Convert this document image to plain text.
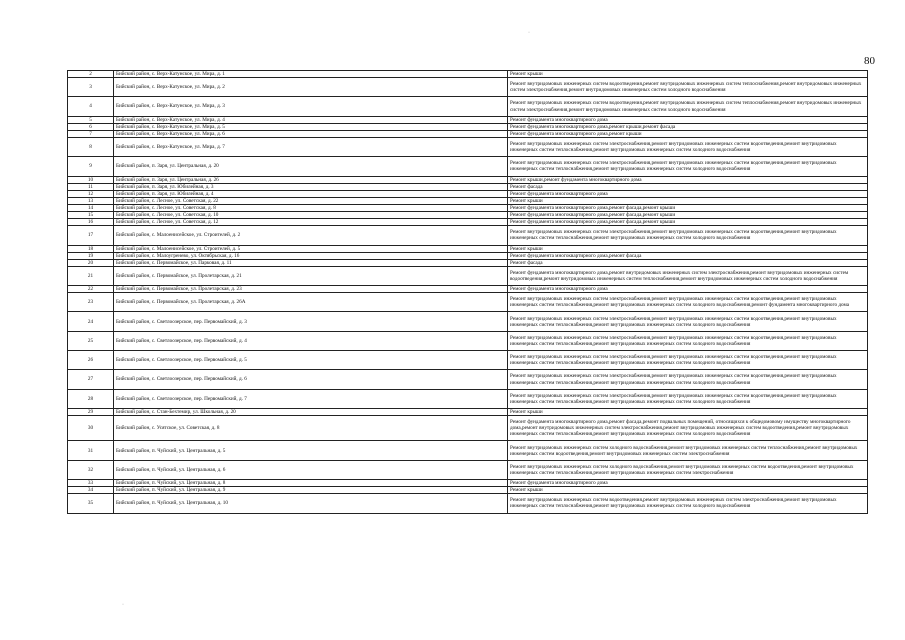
80
·
·
2	Бийский район, с. Верх-Катунское, ул. Мира, д. 1	Ремонт крыши
3	Бийский район, с. Верх-Катунское, ул. Мира, д. 2	Ремонт внутридомовых инженерных систем водоотведения,ремонт внутридомовых инженерных систем теплоснабжения,ремонт внутридомовых инженерных систем электроснабжения,ремонт внутридомовых инженерных систем холодного водоснабжения
4	Бийский район, с. Верх-Катунское, ул. Мира, д. 3	Ремонт внутридомовых инженерных систем водоотведения,ремонт внутридомовых инженерных систем теплоснабжения,ремонт внутридомовых инженерных систем электроснабжения,ремонт внутридомовых инженерных систем холодного водоснабжения
5	Бийский район, с. Верх-Катунское, ул. Мира, д. 4	Ремонт фундамента многоквартирного дома
6	Бийский район, с. Верх-Катунское, ул. Мира, д. 5	Ремонт фундамента многоквартирного дома,ремонт крыши,ремонт фасада
7	Бийский район, с. Верх-Катунское, ул. Мира, д. 6	Ремонт фундамента многоквартирного дома,ремонт крыши
8	Бийский район, с. Верх-Катунское, ул. Мира, д. 7	Ремонт внутридомовых инженерных систем электроснабжения,ремонт внутридомовых инженерных систем водоотведения,ремонт внутридомовых инженерных систем теплоснабжения,ремонт внутридомовых инженерных систем холодного водоснабжения
9	Бийский район, п. Заря, ул. Центральная, д. 20	Ремонт внутридомовых инженерных систем электроснабжения,ремонт внутридомовых инженерных систем водоотведения,ремонт внутридомовых инженерных систем теплоснабжения,ремонт внутридомовых инженерных систем холодного водоснабжения
10	Бийский район, п. Заря, ул. Центральная, д. 26	Ремонт крыши,ремонт фундамента многоквартирного дома
11	Бийский район, п. Заря, ул. Юбилейная, д. 3	Ремонт фасада
12	Бийский район, п. Заря, ул. Юбилейная, д. 4	Ремонт фундамента многоквартирного дома
13	Бийский район, с. Лесное, ул. Советская, д. 22	Ремонт крыши
14	Бийский район, с. Лесное, ул. Советская, д. 8	Ремонт фундамента многоквартирного дома,ремонт фасада,ремонт крыши
15	Бийский район, с. Лесное, ул. Советская, д. 10	Ремонт фундамента многоквартирного дома,ремонт фасада,ремонт крыши
16	Бийский район, с. Лесное, ул. Советская, д. 12	Ремонт фундамента многоквартирного дома,ремонт фасада,ремонт крыши
17	Бийский район, с. Малоенисейское, ул. Строителей, д. 2	Ремонт внутридомовых инженерных систем электроснабжения,ремонт внутридомовых инженерных систем водоотведения,ремонт внутридомовых инженерных систем теплоснабжения,ремонт внутридомовых инженерных систем холодного водоснабжения
18	Бийский район, с. Малоенисейское, ул. Строителей, д. 5	Ремонт крыши
19	Бийский район, с. Малоугренево, ул. Октябрьская, д. 16	Ремонт фундамента многоквартирного дома,ремонт фасада
20	Бийский район, с. Первомайское, ул. Парковая, д. 11	Ремонт фасада
21	Бийский район, с. Первомайское, ул. Пролетарская, д. 21	Ремонт фундамента многоквартирного дома,ремонт внутридомовых инженерных систем электроснабжения,ремонт внутридомовых инженерных систем водоотведения,ремонт внутридомовых инженерных систем теплоснабжения,ремонт внутридомовых инженерных систем холодного водоснабжения
22	Бийский район, с. Первомайское, ул. Пролетарская, д. 23	Ремонт фундамента многоквартирного дома
23	Бийский район, с. Первомайское, ул. Пролетарская, д. 26А	Ремонт внутридомовых инженерных систем электроснабжения,ремонт внутридомовых инженерных систем водоотведения,ремонт внутридомовых инженерных систем теплоснабжения,ремонт внутридомовых инженерных систем холодного водоснабжения,ремонт фундамента многоквартирного дома
24	Бийский район, с. Светлоозерское, пер. Первомайский, д. 3	Ремонт внутридомовых инженерных систем электроснабжения,ремонт внутридомовых инженерных систем водоотведения,ремонт внутридомовых инженерных систем теплоснабжения,ремонт внутридомовых инженерных систем холодного водоснабжения
25	Бийский район, с. Светлоозерское, пер. Первомайский, д. 4	Ремонт внутридомовых инженерных систем электроснабжения,ремонт внутридомовых инженерных систем водоотведения,ремонт внутридомовых инженерных систем теплоснабжения,ремонт внутридомовых инженерных систем холодного водоснабжения
26	Бийский район, с. Светлоозерское, пер. Первомайский, д. 5	Ремонт внутридомовых инженерных систем электроснабжения,ремонт внутридомовых инженерных систем водоотведения,ремонт внутридомовых инженерных систем теплоснабжения,ремонт внутридомовых инженерных систем холодного водоснабжения
27	Бийский район, с. Светлоозерское, пер. Первомайский, д. 6	Ремонт внутридомовых инженерных систем электроснабжения,ремонт внутридомовых инженерных систем водоотведения,ремонт внутридомовых инженерных систем теплоснабжения,ремонт внутридомовых инженерных систем холодного водоснабжения
28	Бийский район, с. Светлоозерское, пер. Первомайский, д. 7	Ремонт внутридомовых инженерных систем электроснабжения,ремонт внутридомовых инженерных систем водоотведения,ремонт внутридомовых инженерных систем теплоснабжения,ремонт внутридомовых инженерных систем холодного водоснабжения
29	Бийский район, с. Стан-Бехтемир, ул. Школьная, д. 20	Ремонт крыши
30	Бийский район, с. Усятское, ул. Советская, д. 8	Ремонт фундамента многоквартирного дома,ремонт фасада,ремонт подвальных помещений, относящихся к общедомовому имуществу многоквартирного дома,ремонт внутридомовых инженерных систем электроснабжения,ремонт внутридомовых инженерных систем водоотведения,ремонт внутридомовых инженерных систем теплоснабжения,ремонт внутридомовых инженерных систем холодного водоснабжения
31	Бийский район, п. Чуйский, ул. Центральная, д. 5	Ремонт внутридомовых инженерных систем холодного водоснабжения,ремонт внутридомовых инженерных систем теплоснабжения,ремонт внутридомовых инженерных систем водоотведения,ремонт внутридомовых инженерных систем электроснабжения
32	Бийский район, п. Чуйский, ул. Центральная, д. 6	Ремонт внутридомовых инженерных систем холодного водоснабжения,ремонт внутридомовых инженерных систем водоотведения,ремонт внутридомовых инженерных систем теплоснабжения,ремонт внутридомовых инженерных систем электроснабжения
33	Бийский район, п. Чуйский, ул. Центральная, д. 8	Ремонт фундамента многоквартирного дома
34	Бийский район, п. Чуйский, ул. Центральная, д. 9	Ремонт крыши
35	Бийский район, п. Чуйский, ул. Центральная, д. 10	Ремонт внутридомовых инженерных систем водоотведения,ремонт внутридомовых инженерных систем электроснабжения,ремонт внутридомовых инженерных систем теплоснабжения,ремонт внутридомовых инженерных систем холодного водоснабжения
